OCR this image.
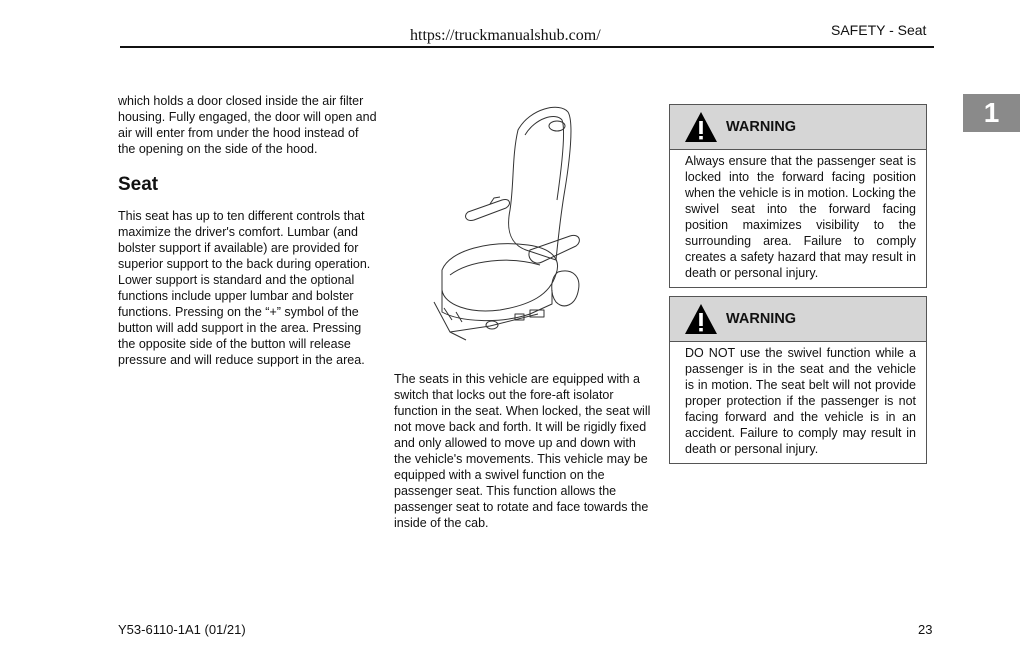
https://truckmanualshub.com/	SAFETY - Seat
1

which holds a door closed inside the air filter housing. Fully engaged, the door will open and air will enter from under the hood instead of the opening on the side of the hood.

Seat

This seat has up to ten different controls that maximize the driver's comfort. Lumbar (and bolster support if available) are provided for superior support to the back during operation. Lower support is standard and the optional functions include upper lumbar and bolster functions. Pressing on the “+” symbol of the button will add support in the area. Pressing the opposite side of the button will release pressure and will reduce support in the area.

The seats in this vehicle are equipped with a switch that locks out the fore-aft isolator function in the seat. When locked, the seat will not move back and forth. It will be rigidly fixed and only allowed to move up and down with the vehicle's movements. This vehicle may be equipped with a swivel function on the passenger seat. This function allows the passenger seat to rotate and face towards the inside of the cab.

WARNING
Always ensure that the passenger seat is locked into the forward facing position when the vehicle is in motion. Locking the swivel seat into the forward facing position maximizes visibility to the surrounding area. Failure to comply creates a safety hazard that may result in death or personal injury.
WARNING
DO NOT use the swivel function while a passenger is in the seat and the vehicle is in motion. The seat belt will not provide proper protection if the passenger is not facing forward and the vehicle is in an accident. Failure to comply may result in death or personal injury.
Y53-6110-1A1 (01/21)	23
